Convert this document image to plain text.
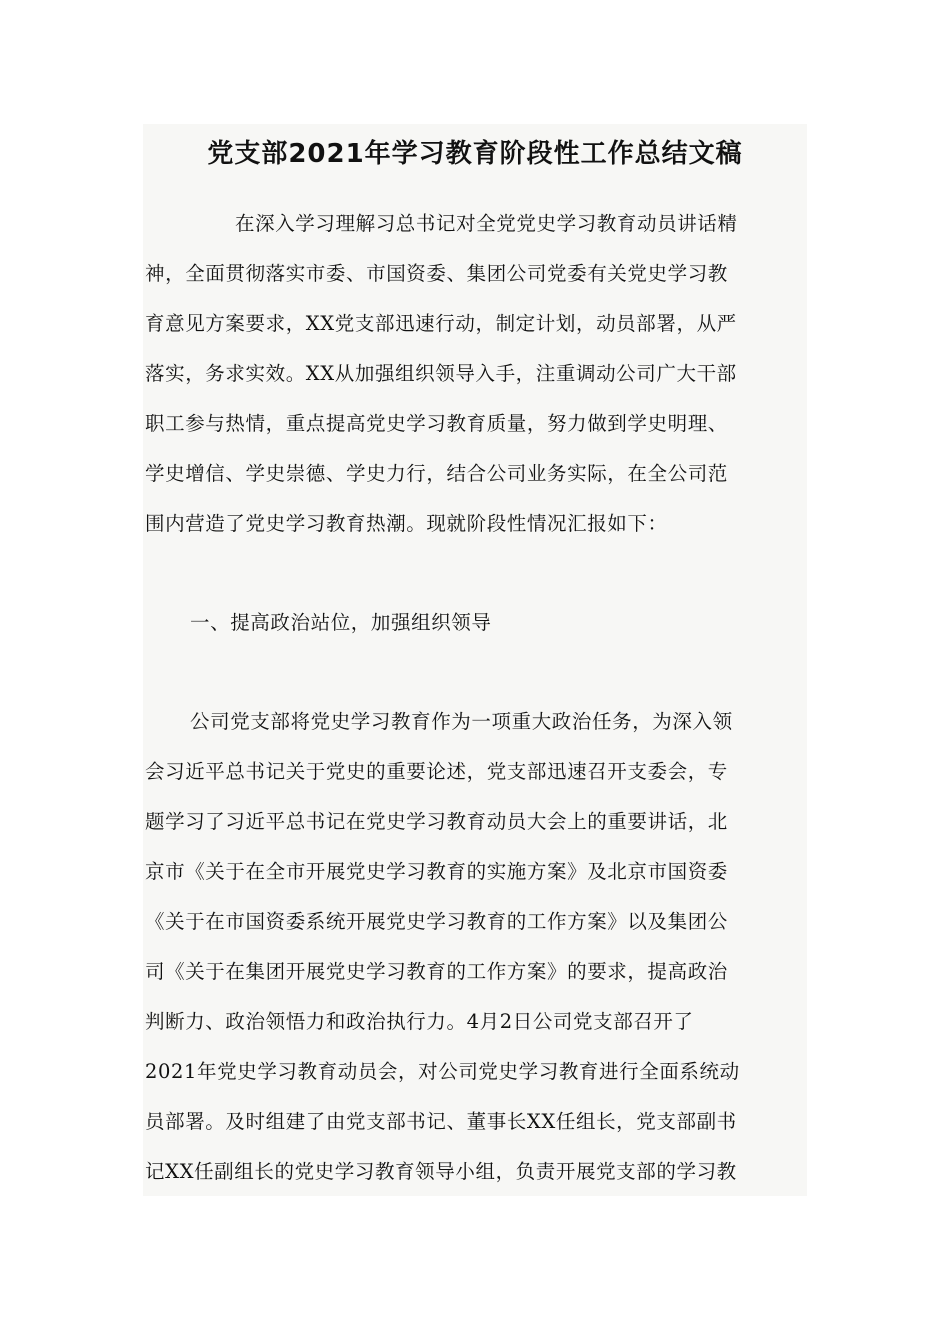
党支部2021年学习教育阶段性工作总结文稿
在深入学习理解习总书记对全党党史学习教育动员讲话精
神，全面贯彻落实市委、市国资委、集团公司党委有关党史学习教
育意见方案要求，XX党支部迅速行动，制定计划，动员部署，从严
落实，务求实效。XX从加强组织领导入手，注重调动公司广大干部
职工参与热情，重点提高党史学习教育质量，努力做到学史明理、
学史增信、学史崇德、学史力行，结合公司业务实际，在全公司范
围内营造了党史学习教育热潮。现就阶段性情况汇报如下：
一、提高政治站位，加强组织领导
公司党支部将党史学习教育作为一项重大政治任务，为深入领
会习近平总书记关于党史的重要论述，党支部迅速召开支委会，专
题学习了习近平总书记在党史学习教育动员大会上的重要讲话，北
京市《关于在全市开展党史学习教育的实施方案》及北京市国资委
《关于在市国资委系统开展党史学习教育的工作方案》以及集团公
司《关于在集团开展党史学习教育的工作方案》的要求，提高政治
判断力、政治领悟力和政治执行力。4月2日公司党支部召开了
2021年党史学习教育动员会，对公司党史学习教育进行全面系统动
员部署。及时组建了由党支部书记、董事长XX任组长，党支部副书
记XX任副组长的党史学习教育领导小组，负责开展党支部的学习教
